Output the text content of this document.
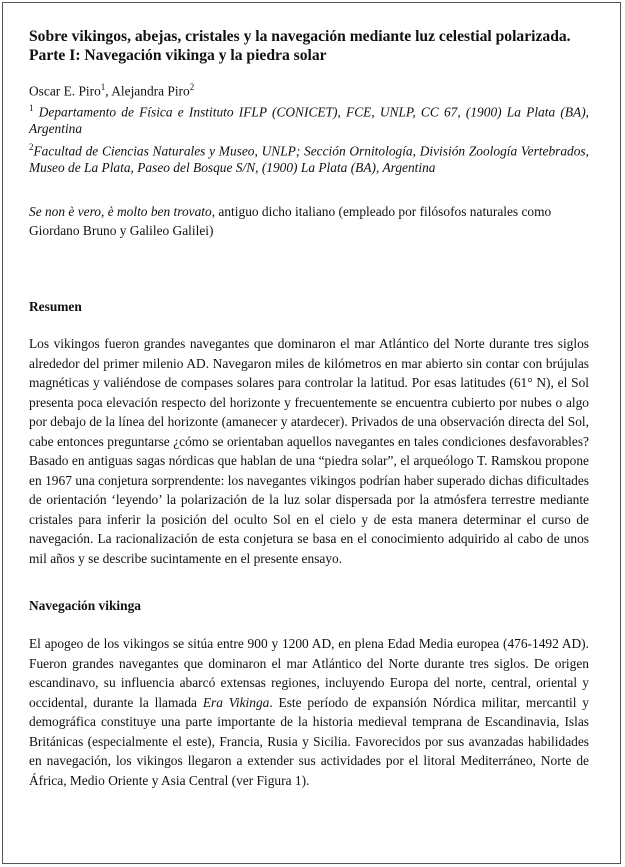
Sobre vikingos, abejas, cristales y la navegación mediante luz celestial polarizada. Parte I: Navegación vikinga y la piedra solar
Oscar E. Piro$^1$, Alejandra Piro$^2$
$^1$ Departamento de Física e Instituto IFLP (CONICET), FCE, UNLP, CC 67, (1900) La Plata (BA), Argentina
$^2$Facultad de Ciencias Naturales y Museo, UNLP; Sección Ornitología, División Zoología Vertebrados, Museo de La Plata, Paseo del Bosque S/N, (1900) La Plata (BA), Argentina
Se non è vero, è molto ben trovato, antiguo dicho italiano (empleado por filósofos naturales como Giordano Bruno y Galileo Galilei)
Resumen
Los vikingos fueron grandes navegantes que dominaron el mar Atlántico del Norte durante tres siglos alrededor del primer milenio AD. Navegaron miles de kilómetros en mar abierto sin contar con brújulas magnéticas y valiéndose de compases solares para controlar la latitud. Por esas latitudes (61° N), el Sol presenta poca elevación respecto del horizonte y frecuentemente se encuentra cubierto por nubes o algo por debajo de la línea del horizonte (amanecer y atardecer). Privados de una observación directa del Sol, cabe entonces preguntarse ¿cómo se orientaban aquellos navegantes en tales condiciones desfavorables? Basado en antiguas sagas nórdicas que hablan de una “piedra solar”, el arqueólogo T. Ramskou propone en 1967 una conjetura sorprendente: los navegantes vikingos podrían haber superado dichas dificultades de orientación ‘leyendo’ la polarización de la luz solar dispersada por la atmósfera terrestre mediante cristales para inferir la posición del oculto Sol en el cielo y de esta manera determinar el curso de navegación. La racionalización de esta conjetura se basa en el conocimiento adquirido al cabo de unos mil años y se describe sucintamente en el presente ensayo.
Navegación vikinga
El apogeo de los vikingos se sitúa entre 900 y 1200 AD, en plena Edad Media europea (476-1492 AD). Fueron grandes navegantes que dominaron el mar Atlántico del Norte durante tres siglos. De origen escandinavo, su influencia abarcó extensas regiones, incluyendo Europa del norte, central, oriental y occidental, durante la llamada Era Vikinga. Este período de expansión Nórdica militar, mercantil y demográfica constituye una parte importante de la historia medieval temprana de Escandinavia, Islas Británicas (especialmente el este), Francia, Rusia y Sicilia. Favorecidos por sus avanzadas habilidades en navegación, los vikingos llegaron a extender sus actividades por el litoral Mediterráneo, Norte de África, Medio Oriente y Asia Central (ver Figura 1).
